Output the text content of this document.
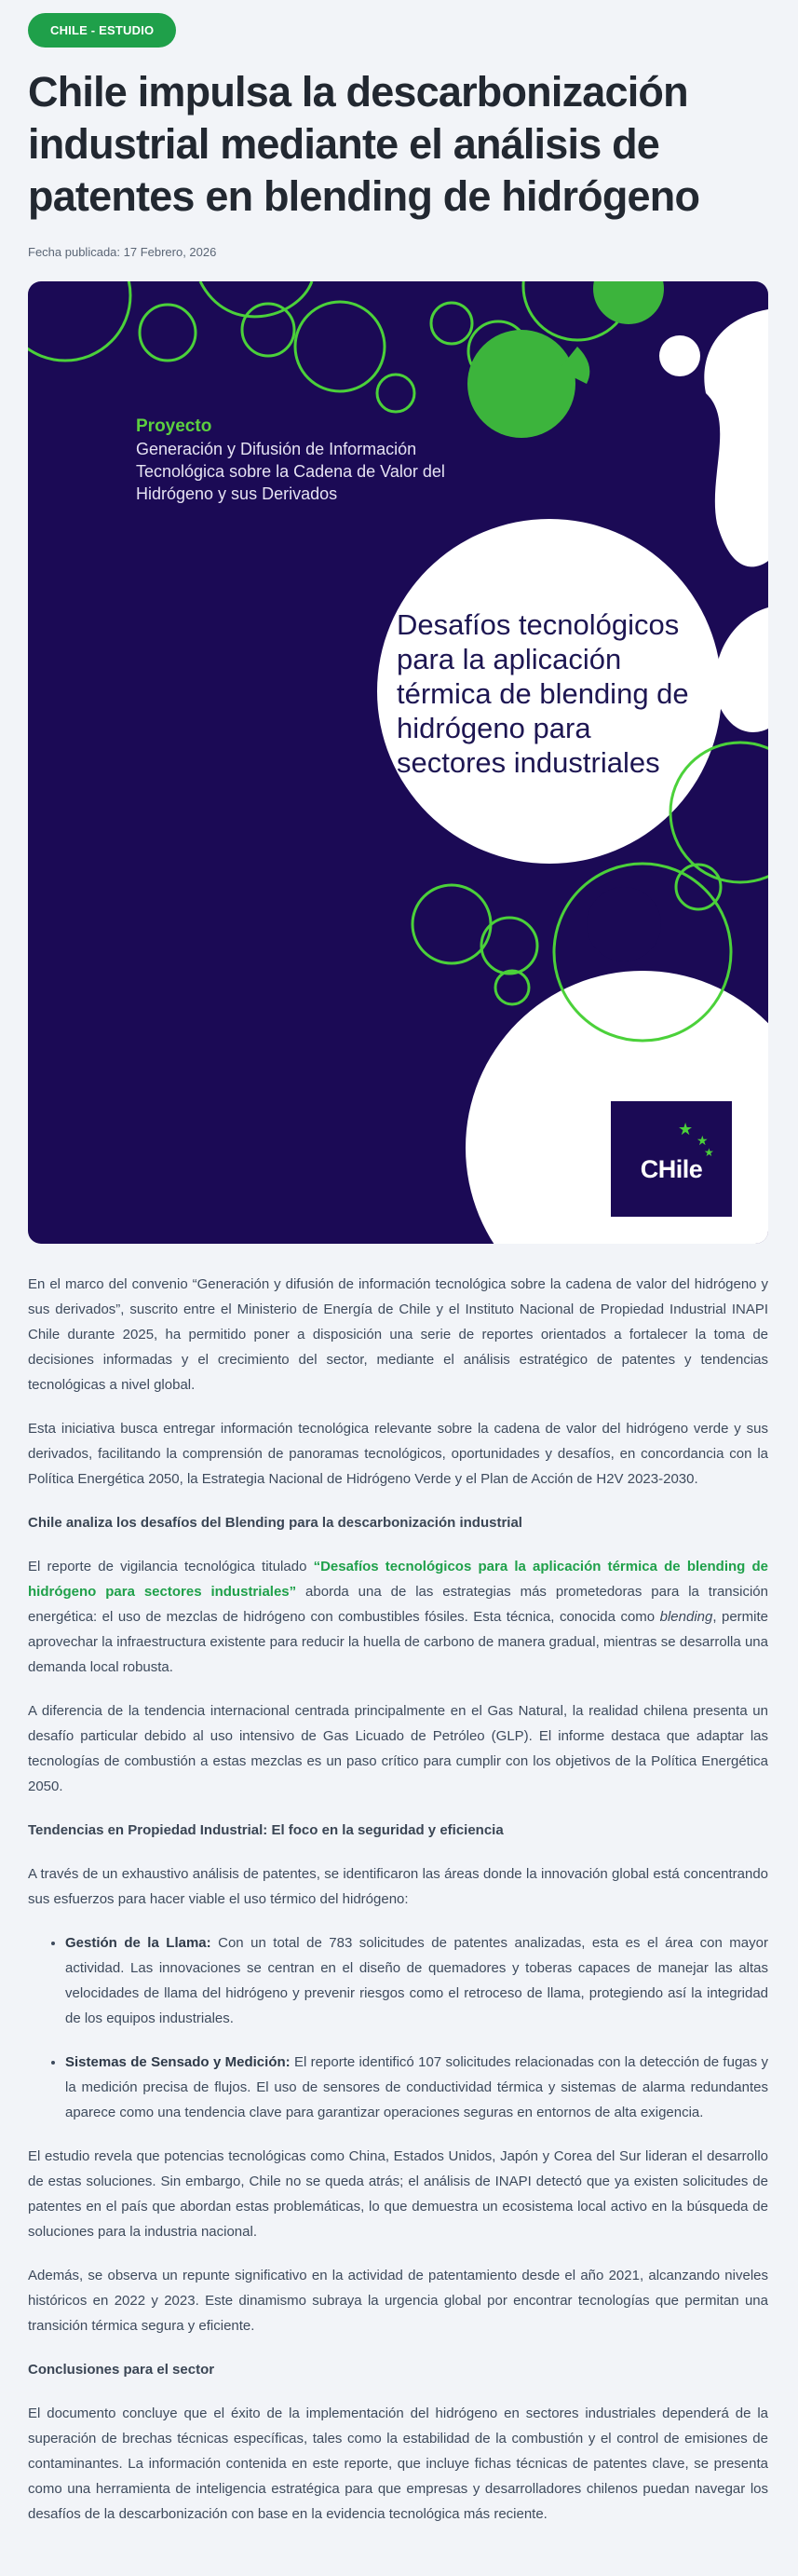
CHILE - ESTUDIO
Chile impulsa la descarbonización industrial mediante el análisis de patentes en blending de hidrógeno
Fecha publicada: 17 Febrero, 2026
Proyecto
Generación y Difusión de Información Tecnológica sobre la Cadena de Valor del Hidrógeno y sus Derivados
Desafíos tecnológicos para la aplicación térmica de blending de hidrógeno para sectores industriales
★
★
★
CHile

En el marco del convenio “Generación y difusión de información tecnológica sobre la cadena de valor del hidrógeno y sus derivados”, suscrito entre el Ministerio de Energía de Chile y el Instituto Nacional de Propiedad Industrial INAPI Chile durante 2025, ha permitido poner a disposición una serie de reportes orientados a fortalecer la toma de decisiones informadas y el crecimiento del sector, mediante el análisis estratégico de patentes y tendencias tecnológicas a nivel global.

Esta iniciativa busca entregar información tecnológica relevante sobre la cadena de valor del hidrógeno verde y sus derivados, facilitando la comprensión de panoramas tecnológicos, oportunidades y desafíos, en concordancia con la Política Energética 2050, la Estrategia Nacional de Hidrógeno Verde y el Plan de Acción de H2V 2023-2030.

Chile analiza los desafíos del Blending para la descarbonización industrial

El reporte de vigilancia tecnológica titulado “Desafíos tecnológicos para la aplicación térmica de blending de hidrógeno para sectores industriales” aborda una de las estrategias más prometedoras para la transición energética: el uso de mezclas de hidrógeno con combustibles fósiles. Esta técnica, conocida como blending, permite aprovechar la infraestructura existente para reducir la huella de carbono de manera gradual, mientras se desarrolla una demanda local robusta.

A diferencia de la tendencia internacional centrada principalmente en el Gas Natural, la realidad chilena presenta un desafío particular debido al uso intensivo de Gas Licuado de Petróleo (GLP). El informe destaca que adaptar las tecnologías de combustión a estas mezclas es un paso crítico para cumplir con los objetivos de la Política Energética 2050.

Tendencias en Propiedad Industrial: El foco en la seguridad y eficiencia

A través de un exhaustivo análisis de patentes, se identificaron las áreas donde la innovación global está concentrando sus esfuerzos para hacer viable el uso térmico del hidrógeno:

• Gestión de la Llama: Con un total de 783 solicitudes de patentes analizadas, esta es el área con mayor actividad. Las innovaciones se centran en el diseño de quemadores y toberas capaces de manejar las altas velocidades de llama del hidrógeno y prevenir riesgos como el retroceso de llama, protegiendo así la integridad de los equipos industriales.
• Sistemas de Sensado y Medición: El reporte identificó 107 solicitudes relacionadas con la detección de fugas y la medición precisa de flujos. El uso de sensores de conductividad térmica y sistemas de alarma redundantes aparece como una tendencia clave para garantizar operaciones seguras en entornos de alta exigencia.

El estudio revela que potencias tecnológicas como China, Estados Unidos, Japón y Corea del Sur lideran el desarrollo de estas soluciones. Sin embargo, Chile no se queda atrás; el análisis de INAPI detectó que ya existen solicitudes de patentes en el país que abordan estas problemáticas, lo que demuestra un ecosistema local activo en la búsqueda de soluciones para la industria nacional.

Además, se observa un repunte significativo en la actividad de patentamiento desde el año 2021, alcanzando niveles históricos en 2022 y 2023. Este dinamismo subraya la urgencia global por encontrar tecnologías que permitan una transición térmica segura y eficiente.

Conclusiones para el sector

El documento concluye que el éxito de la implementación del hidrógeno en sectores industriales dependerá de la superación de brechas técnicas específicas, tales como la estabilidad de la combustión y el control de emisiones de contaminantes. La información contenida en este reporte, que incluye fichas técnicas de patentes clave, se presenta como una herramienta de inteligencia estratégica para que empresas y desarrolladores chilenos puedan navegar los desafíos de la descarbonización con base en la evidencia tecnológica más reciente.
